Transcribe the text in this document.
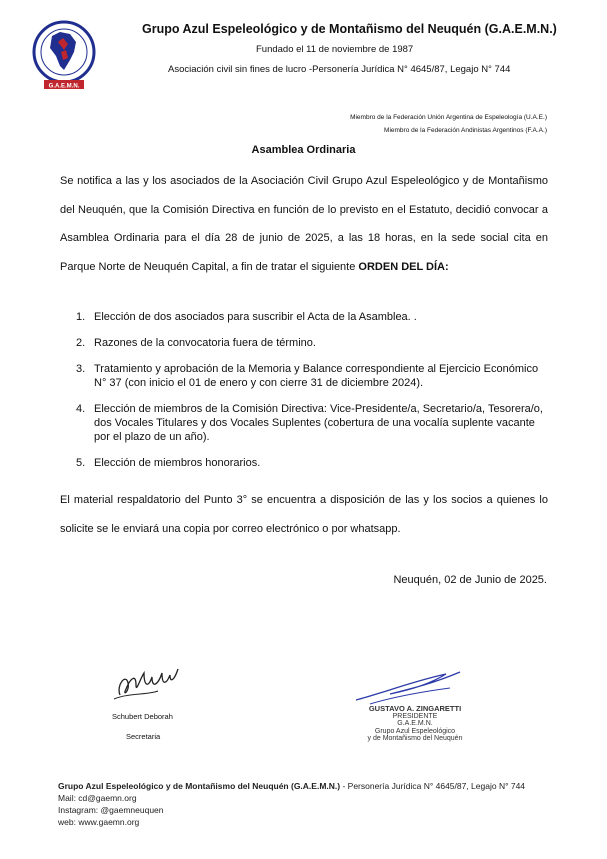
G.A.E.M.N.
Grupo Azul Espeleológico y de Montañismo del Neuquén (G.A.E.M.N.)
Fundado el 11 de noviembre de 1987
Asociación civil sin fines de lucro -Personería Jurídica N° 4645/87, Legajo N° 744
Miembro de la Federación Unión Argentina de Espeleología (U.A.E.)
Miembro de la Federación Andinistas Argentinos (F.A.A.)
Asamblea Ordinaria
Se notifica a las y los asociados de la Asociación Civil Grupo Azul Espeleológico y de Montañismo del Neuquén, que la Comisión Directiva en función de lo previsto en el Estatuto, decidió convocar a Asamblea Ordinaria para el día 28 de junio de 2025, a las 18 horas, en la sede social cita en Parque Norte de Neuquén Capital, a fin de tratar el siguiente ORDEN DEL DÍA:
1. Elección de dos asociados para suscribir el Acta de la Asamblea. .
2. Razones de la convocatoria fuera de término.
3. Tratamiento y aprobación de la Memoria y Balance correspondiente al Ejercicio Económico N° 37 (con inicio el 01 de enero y con cierre 31 de diciembre 2024).
4. Elección de miembros de la Comisión Directiva: Vice-Presidente/a, Secretario/a, Tesorera/o, dos Vocales Titulares y dos Vocales Suplentes (cobertura de una vocalía suplente vacante por el plazo de un año).
5. Elección de miembros honorarios.
El material respaldatorio del Punto 3° se encuentra a disposición de las y los socios a quienes lo solicite se le enviará una copia por correo electrónico o por whatsapp.
Neuquén, 02 de Junio de 2025.
Schubert Deborah
Secretaria
GUSTAVO A. ZINGARETTI
PRESIDENTE
G.A.E.M.N.
Grupo Azul Espeleológico
y de Montañismo del Neuquén
Grupo Azul Espeleológico y de Montañismo del Neuquén (G.A.E.M.N.) - Personería Jurídica N° 4645/87, Legajo N° 744
Mail: cd@gaemn.org
Instagram: @gaemneuquen
web: www.gaemn.org
